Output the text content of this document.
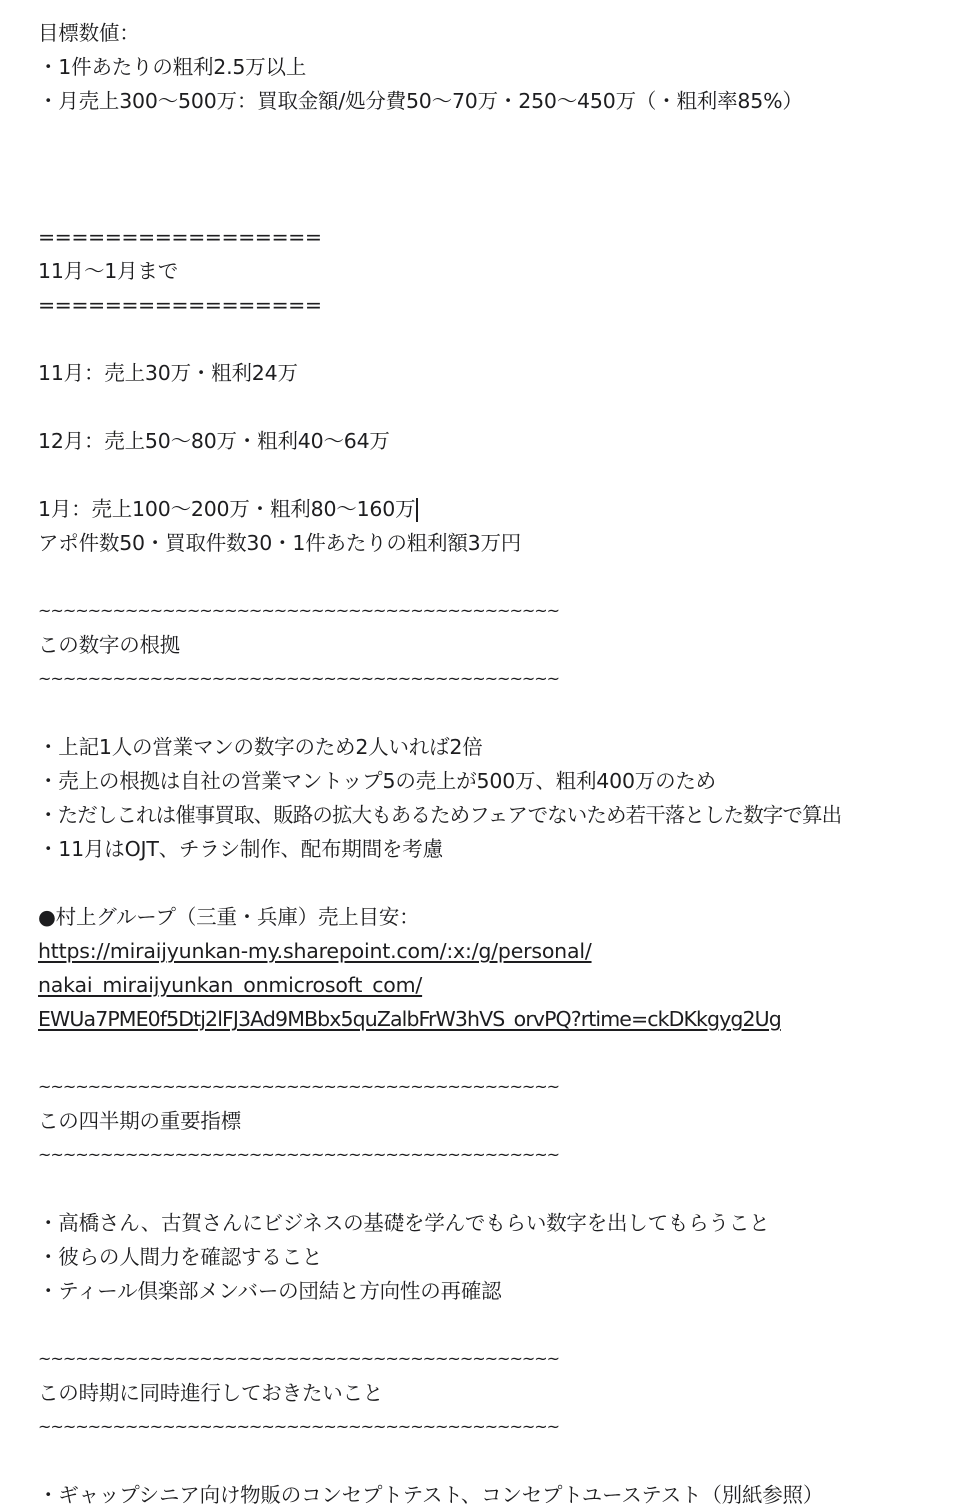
目標数値：
・1件あたりの粗利2.5万以上
・月売上300〜500万：買取金額/処分費50〜70万・250〜450万（・粗利率85%）
=================
11月〜1月まで
=================
11月：売上30万・粗利24万
12月：売上50〜80万・粗利40〜64万
1月：売上100〜200万・粗利80〜160万
アポ件数50・買取件数30・1件あたりの粗利額3万円
~~~~~~~~~~~~~~~~~~~~~~~~~~~~~~~~~~~~~~~~~~
この数字の根拠
~~~~~~~~~~~~~~~~~~~~~~~~~~~~~~~~~~~~~~~~~~
・上記1人の営業マンの数字のため2人いれば2倍
・売上の根拠は自社の営業マントップ5の売上が500万、粗利400万のため
・ただしこれは催事買取、販路の拡大もあるためフェアでないため若干落とした数字で算出
・11月はOJT、チラシ制作、配布期間を考慮
●村上グループ（三重・兵庫）売上目安：
https://miraijyunkan-my.sharepoint.com/:x:/g/personal/
nakai_miraijyunkan_onmicrosoft_com/
EWUa7PME0f5Dtj2lFJ3Ad9MBbx5quZalbFrW3hVS_orvPQ?rtime=ckDKkgyg2Ug
~~~~~~~~~~~~~~~~~~~~~~~~~~~~~~~~~~~~~~~~~~
この四半期の重要指標
~~~~~~~~~~~~~~~~~~~~~~~~~~~~~~~~~~~~~~~~~~
・高橋さん、古賀さんにビジネスの基礎を学んでもらい数字を出してもらうこと
・彼らの人間力を確認すること
・ティール倶楽部メンバーの団結と方向性の再確認
~~~~~~~~~~~~~~~~~~~~~~~~~~~~~~~~~~~~~~~~~~
この時期に同時進行しておきたいこと
~~~~~~~~~~~~~~~~~~~~~~~~~~~~~~~~~~~~~~~~~~
・ギャップシニア向け物販のコンセプトテスト、コンセプトユーステスト（別紙参照）
